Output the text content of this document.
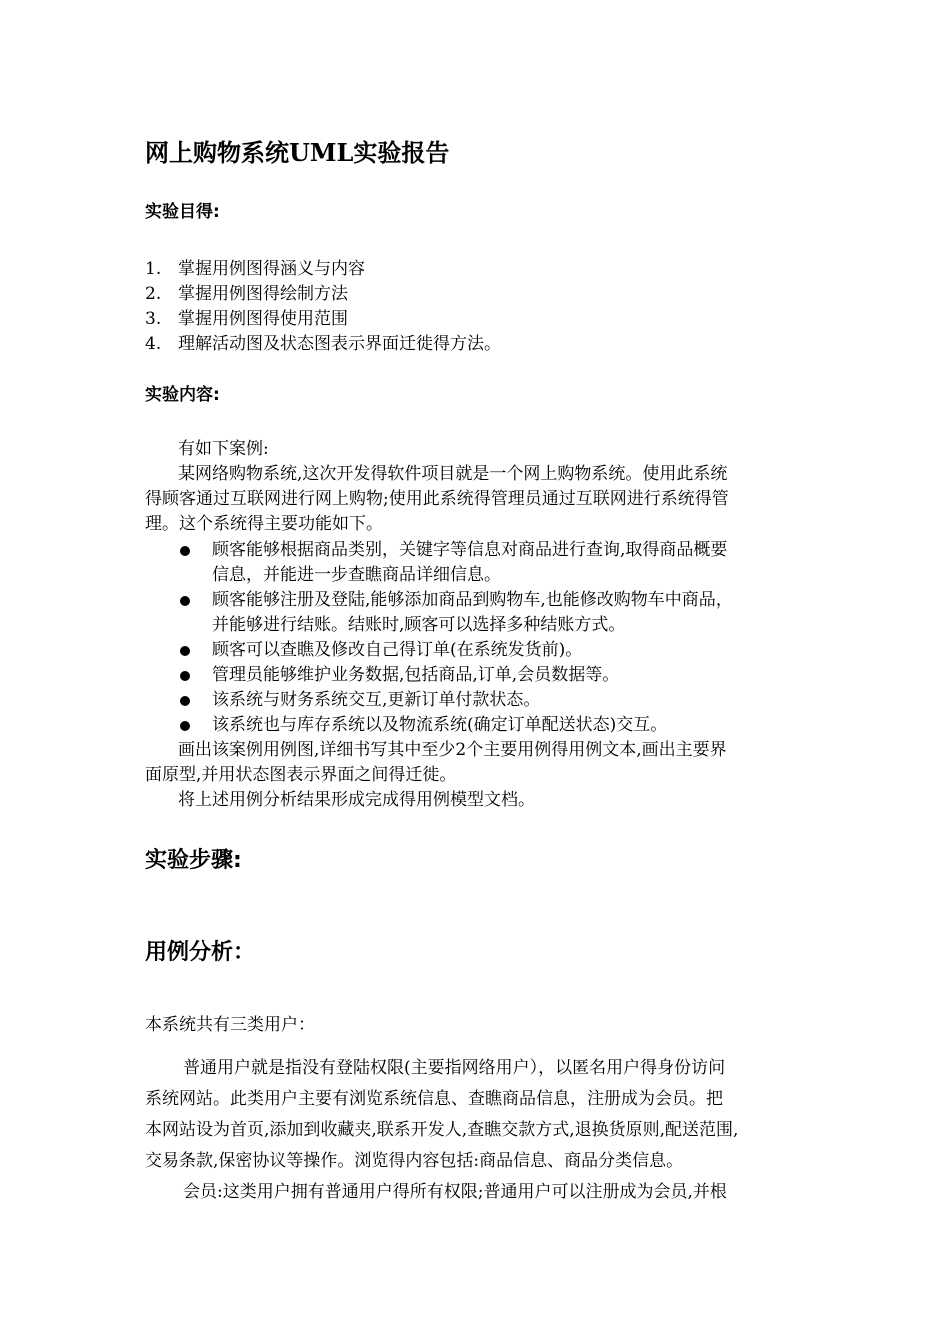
网上购物系统UML实验报告
实验目得:
1. 掌握用例图得涵义与内容
2. 掌握用例图得绘制方法
3. 掌握用例图得使用范围
4. 理解活动图及状态图表示界面迁徙得方法。
实验内容:
有如下案例:
某网络购物系统,这次开发得软件项目就是一个网上购物系统。使用此系统
得顾客通过互联网进行网上购物;使用此系统得管理员通过互联网进行系统得管
理。这个系统得主要功能如下。
顾客能够根据商品类别，关键字等信息对商品进行查询,取得商品概要
信息，并能进一步查瞧商品详细信息。
顾客能够注册及登陆,能够添加商品到购物车,也能修改购物车中商品，
并能够进行结账。结账时,顾客可以选择多种结账方式。
顾客可以查瞧及修改自己得订单(在系统发货前)。
管理员能够维护业务数据,包括商品,订单,会员数据等。
该系统与财务系统交互,更新订单付款状态。
该系统也与库存系统以及物流系统(确定订单配送状态)交互。
画出该案例用例图,详细书写其中至少2个主要用例得用例文本,画出主要界
面原型,并用状态图表示界面之间得迁徙。
将上述用例分析结果形成完成得用例模型文档。
实验步骤:
用例分析：
本系统共有三类用户：
普通用户就是指没有登陆权限(主要指网络用户），以匿名用户得身份访问
系统网站。此类用户主要有浏览系统信息、查瞧商品信息，注册成为会员。把
本网站设为首页,添加到收藏夹,联系开发人,查瞧交款方式,退换货原则,配送范围,
交易条款,保密协议等操作。浏览得内容包括:商品信息、商品分类信息。
会员:这类用户拥有普通用户得所有权限;普通用户可以注册成为会员,并根
